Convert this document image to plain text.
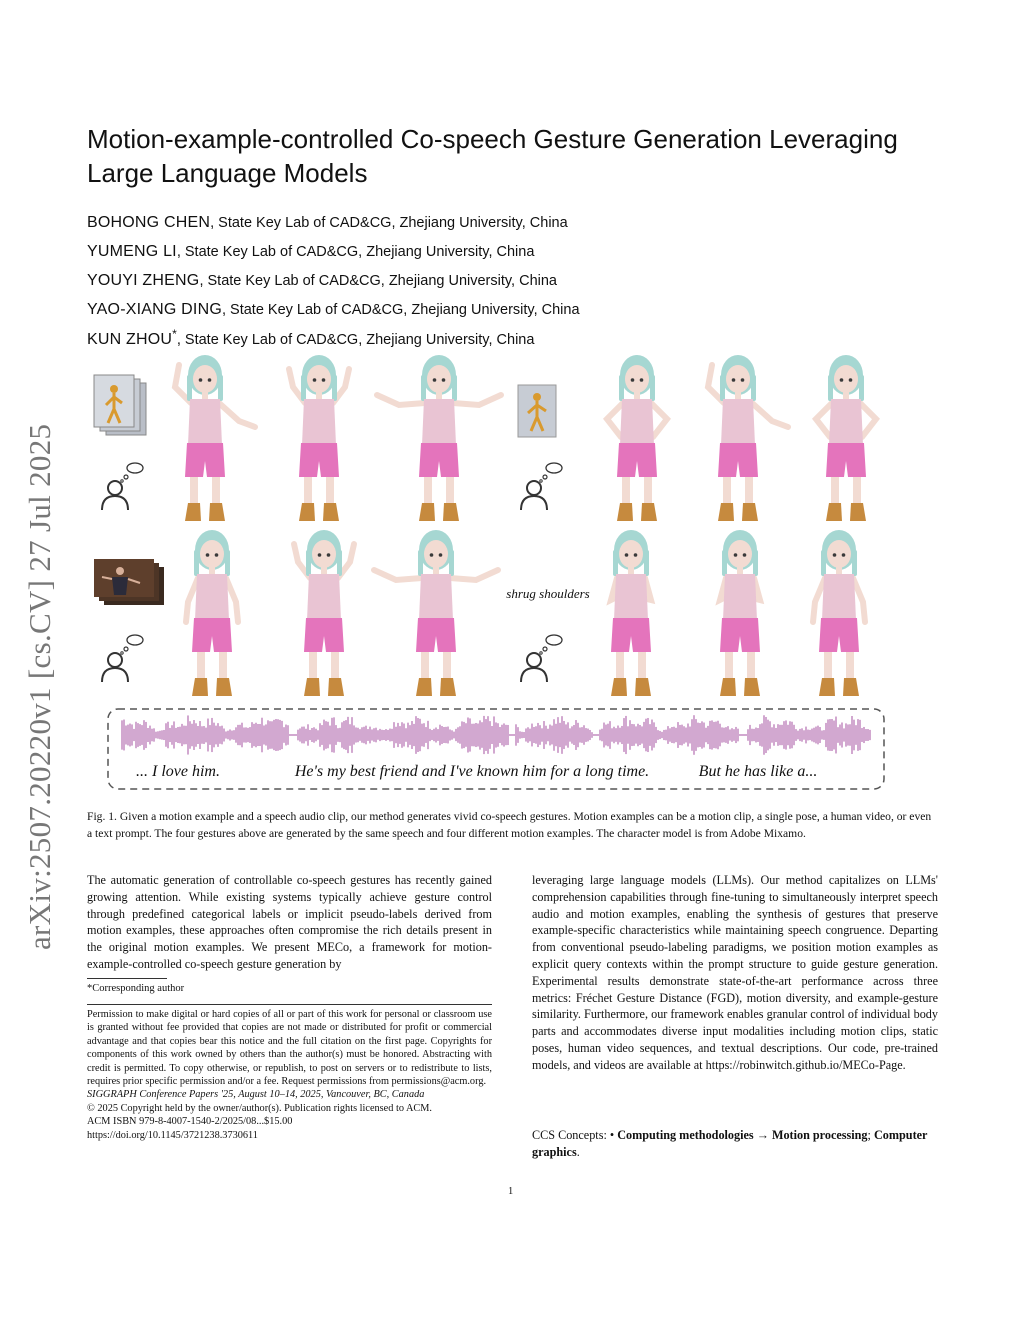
arXiv:2507.20220v1 [cs.CV] 27 Jul 2025
Motion-example-controlled Co-speech Gesture Generation Leveraging Large Language Models
BOHONG CHEN, State Key Lab of CAD&CG, Zhejiang University, China
YUMENG LI, State Key Lab of CAD&CG, Zhejiang University, China
YOUYI ZHENG, State Key Lab of CAD&CG, Zhejiang University, China
YAO-XIANG DING, State Key Lab of CAD&CG, Zhejiang University, China
KUN ZHOU*, State Key Lab of CAD&CG, Zhejiang University, China
shrug shoulders
... I love him.	He's my best friend and I've known him for a long time.	But he has like a...
Fig. 1. Given a motion example and a speech audio clip, our method generates vivid co-speech gestures. Motion examples can be a motion clip, a single pose, a human video, or even a text prompt. The four gestures above are generated by the same speech and four different motion examples. The character model is from Adobe Mixamo.
The automatic generation of controllable co-speech gestures has recently gained growing attention. While existing systems typically achieve gesture control through predefined categorical labels or implicit pseudo-labels derived from motion examples, these approaches often compromise the rich details present in the original motion examples. We present MECo, a framework for motion-example-controlled co-speech gesture generation by
leveraging large language models (LLMs). Our method capitalizes on LLMs' comprehension capabilities through fine-tuning to simultaneously interpret speech audio and motion examples, enabling the synthesis of gestures that preserve example-specific characteristics while maintaining speech congruence. Departing from conventional pseudo-labeling paradigms, we position motion examples as explicit query contexts within the prompt structure to guide gesture generation. Experimental results demonstrate state-of-the-art performance across three metrics: Fréchet Gesture Distance (FGD), motion diversity, and example-gesture similarity. Furthermore, our framework enables granular control of individual body parts and accommodates diverse input modalities including motion clips, static poses, human video sequences, and textual descriptions. Our code, pre-trained models, and videos are available at https://robinwitch.github.io/MECo-Page.
*Corresponding author
Permission to make digital or hard copies of all or part of this work for personal or classroom use is granted without fee provided that copies are not made or distributed for profit or commercial advantage and that copies bear this notice and the full citation on the first page. Copyrights for components of this work owned by others than the author(s) must be honored. Abstracting with credit is permitted. To copy otherwise, or republish, to post on servers or to redistribute to lists, requires prior specific permission and/or a fee. Request permissions from permissions@acm.org.
SIGGRAPH Conference Papers '25, August 10–14, 2025, Vancouver, BC, Canada
© 2025 Copyright held by the owner/author(s). Publication rights licensed to ACM.
ACM ISBN 979-8-4007-1540-2/2025/08...$15.00
https://doi.org/10.1145/3721238.3730611	CCS Concepts: • Computing methodologies → Motion processing; Computer graphics.
1
